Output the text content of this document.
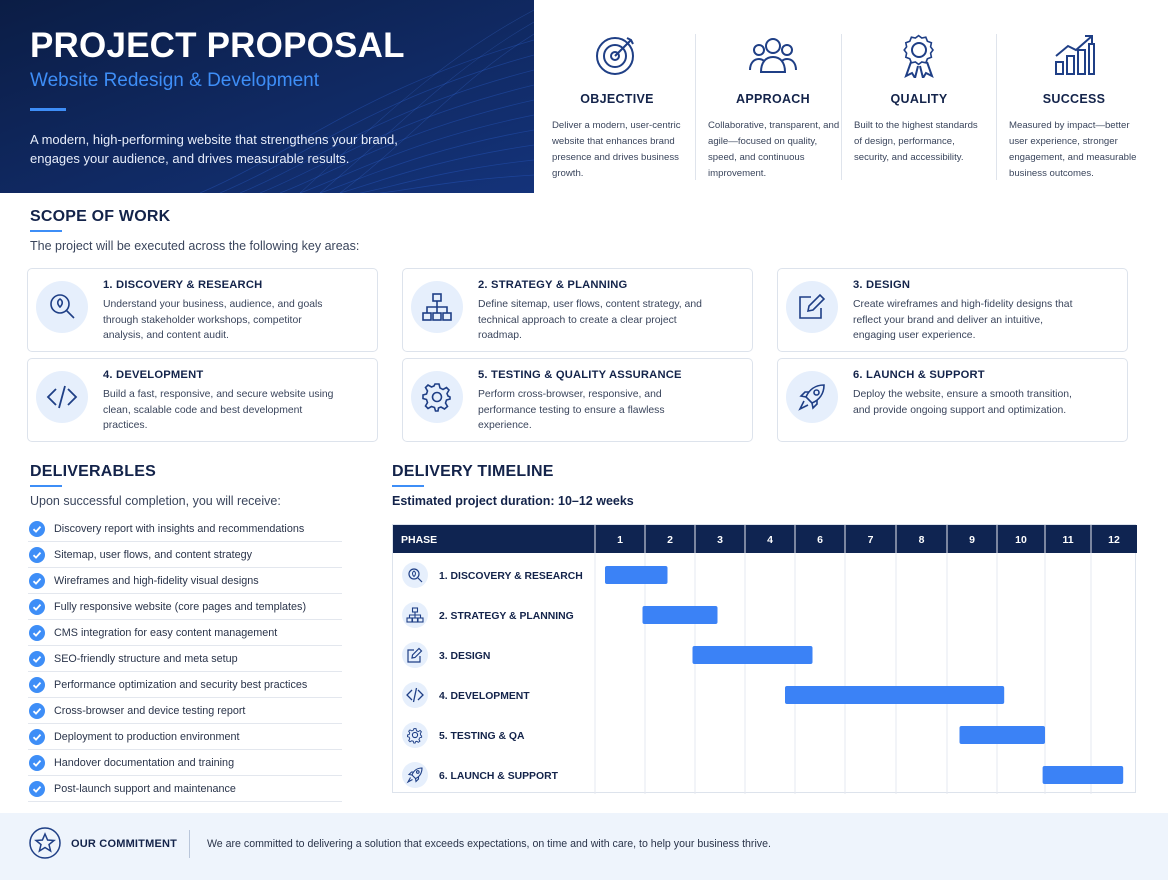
PROJECT PROPOSAL
Website Redesign & Development
A modern, high-performing website that strengthens your brand, engages your audience, and drives measurable results.
OBJECTIVE
Deliver a modern, user-centric website that enhances brand presence and drives business growth.
APPROACH
Collaborative, transparent, and agile—focused on quality, speed, and continuous improvement.
QUALITY
Built to the highest standards of design, performance, security, and accessibility.
SUCCESS
Measured by impact—better user experience, stronger engagement, and measurable business outcomes.
SCOPE OF WORK
The project will be executed across the following key areas:
1. DISCOVERY & RESEARCH
Understand your business, audience, and goals through stakeholder workshops, competitor analysis, and content audit.
2. STRATEGY & PLANNING
Define sitemap, user flows, content strategy, and technical approach to create a clear project roadmap.
3. DESIGN
Create wireframes and high-fidelity designs that reflect your brand and deliver an intuitive, engaging user experience.
4. DEVELOPMENT
Build a fast, responsive, and secure website using clean, scalable code and best development practices.
5. TESTING & QUALITY ASSURANCE
Perform cross-browser, responsive, and performance testing to ensure a flawless experience.
6. LAUNCH & SUPPORT
Deploy the website, ensure a smooth transition, and provide ongoing support and optimization.
DELIVERABLES
Upon successful completion, you will receive:
Discovery report with insights and recommendations
Sitemap, user flows, and content strategy
Wireframes and high-fidelity visual designs
Fully responsive website (core pages and templates)
CMS integration for easy content management
SEO-friendly structure and meta setup
Performance optimization and security best practices
Cross-browser and device testing report
Deployment to production environment
Handover documentation and training
Post-launch support and maintenance
DELIVERY TIMELINE
Estimated project duration: 10–12 weeks
PHASE	1	2	3	4	6	7	8	9	10	11	12
1. DISCOVERY & RESEARCH
2. STRATEGY & PLANNING
3. DESIGN
4. DEVELOPMENT
5. TESTING & QA
6. LAUNCH & SUPPORT
OUR COMMITMENT	We are committed to delivering a solution that exceeds expectations, on time and with care, to help your business thrive.
